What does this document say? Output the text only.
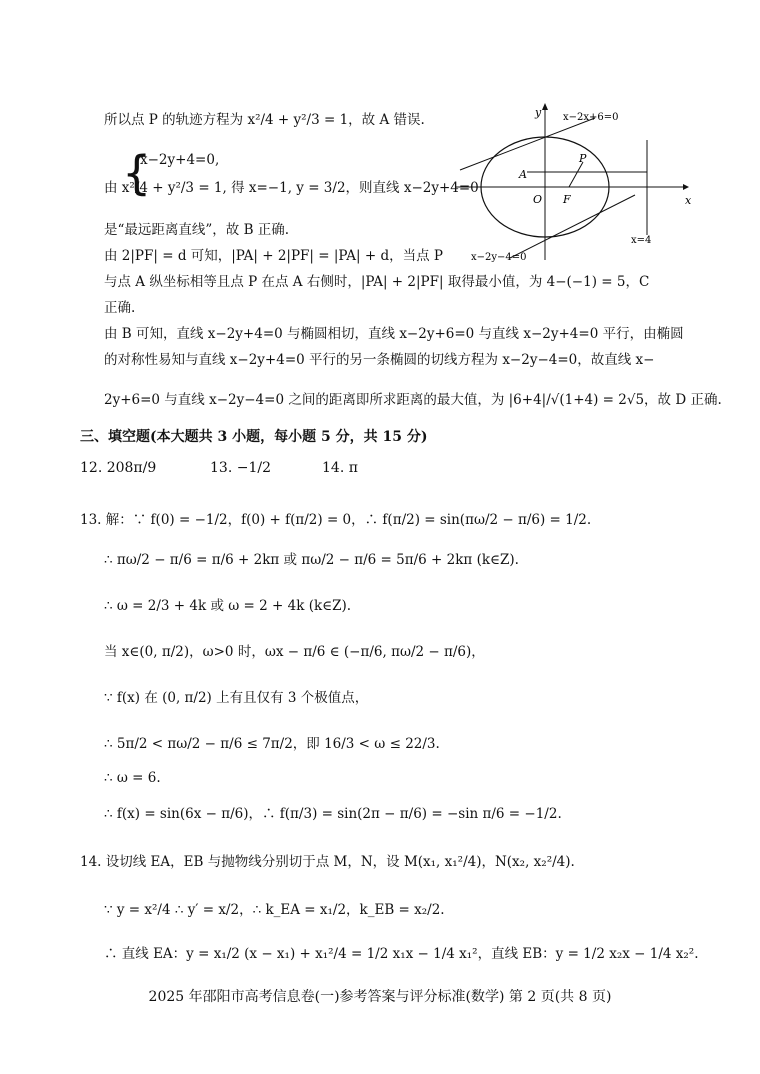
所以点 P 的轨迹方程为 x²/4 + y²/3 = 1，故 A 错误.
{
x−2y+4=0,
由 x²/4 + y²/3 = 1, 得 x=−1, y = 3/2，则直线 x−2y+4=0
是“最远距离直线”，故 B 正确.
由 2|PF| = d 可知，|PA| + 2|PF| = |PA| + d，当点 P
与点 A 纵坐标相等且点 P 在点 A 右侧时，|PA| + 2|PF| 取得最小值，为 4−(−1) = 5，C
正确.
由 B 可知，直线 x−2y+4=0 与椭圆相切，直线 x−2y+6=0 与直线 x−2y+4=0 平行，由椭圆
的对称性易知与直线 x−2y+4=0 平行的另一条椭圆的切线方程为 x−2y−4=0，故直线 x−
2y+6=0 与直线 x−2y−4=0 之间的距离即所求距离的最大值，为 |6+4|/√(1+4) = 2√5，故 D 正确.
y
x
O F
A
P
x−2x+6=0
x−2y−4=0
x=4
三、填空题(本大题共 3 小题，每小题 5 分，共 15 分)
12. 208π/9	13. −1/2	14. π
13. 解：∵ f(0) = −1/2，f(0) + f(π/2) = 0，∴ f(π/2) = sin(πω/2 − π/6) = 1/2.
∴ πω/2 − π/6 = π/6 + 2kπ 或 πω/2 − π/6 = 5π/6 + 2kπ (k∈Z).
∴ ω = 2/3 + 4k 或 ω = 2 + 4k (k∈Z).
当 x∈(0, π/2)，ω>0 时，ωx − π/6 ∈ (−π/6, πω/2 − π/6)，
∵ f(x) 在 (0, π/2) 上有且仅有 3 个极值点，
∴ 5π/2 < πω/2 − π/6 ≤ 7π/2，即 16/3 < ω ≤ 22/3.
∴ ω = 6.
∴ f(x) = sin(6x − π/6)，∴ f(π/3) = sin(2π − π/6) = −sin π/6 = −1/2.
14. 设切线 EA，EB 与抛物线分别切于点 M，N，设 M(x₁, x₁²/4)，N(x₂, x₂²/4).
∵ y = x²/4 ∴ y′ = x/2，∴ k_EA = x₁/2，k_EB = x₂/2.
∴ 直线 EA：y = x₁/2 (x − x₁) + x₁²/4 = 1/2 x₁x − 1/4 x₁²，直线 EB：y = 1/2 x₂x − 1/4 x₂².
2025 年邵阳市高考信息卷(一)参考答案与评分标准(数学) 第 2 页(共 8 页)
